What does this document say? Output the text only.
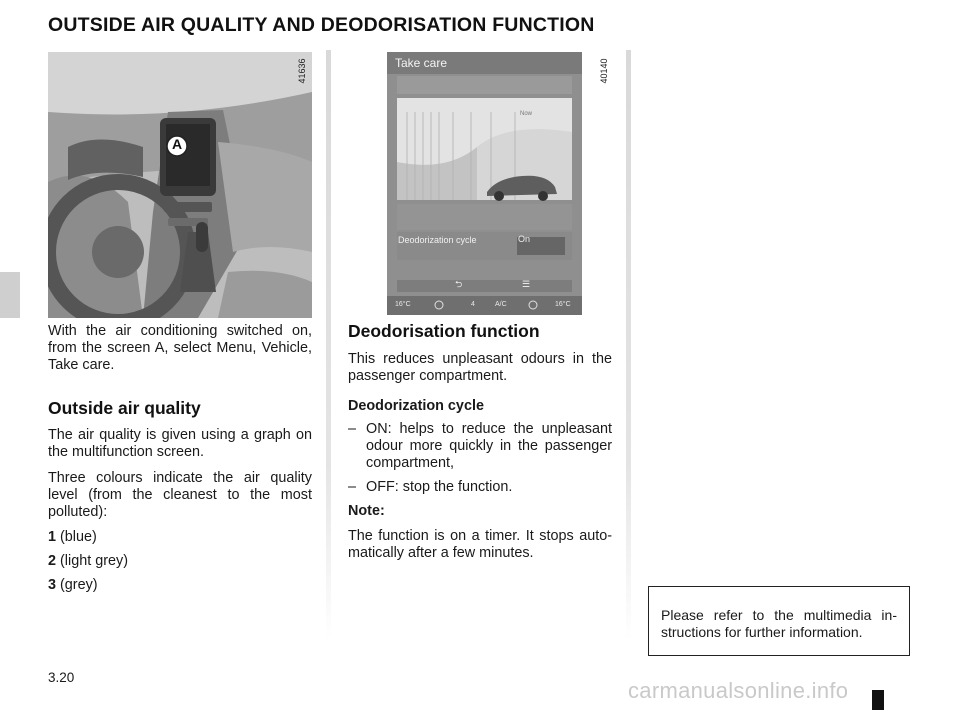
OUTSIDE AIR QUALITY AND DEODORISATION FUNCTION
A
41636
⮌	☰
Take care
Now
Deodorization cycle	On
16°C	4	A/C	16°C
40140

With the air conditioning switched on, from the screen A, select Menu, Vehicle, Take care.

Outside air quality

The air quality is given using a graph on the multifunction screen.

Three colours indicate the air quality level (from the cleanest to the most polluted):

1 (blue)

2 (light grey)

3 (grey)

Deodorisation function

This reduces unpleasant odours in the passenger compartment.

Deodorization cycle

– ON: helps to reduce the unpleasant odour more quickly in the passenger compartment,
– OFF: stop the function.

Note:

The function is on a timer. It stops auto-matically after a few minutes.

Please refer to the multimedia in-structions for further information.

3.20
carmanualsonline.info
